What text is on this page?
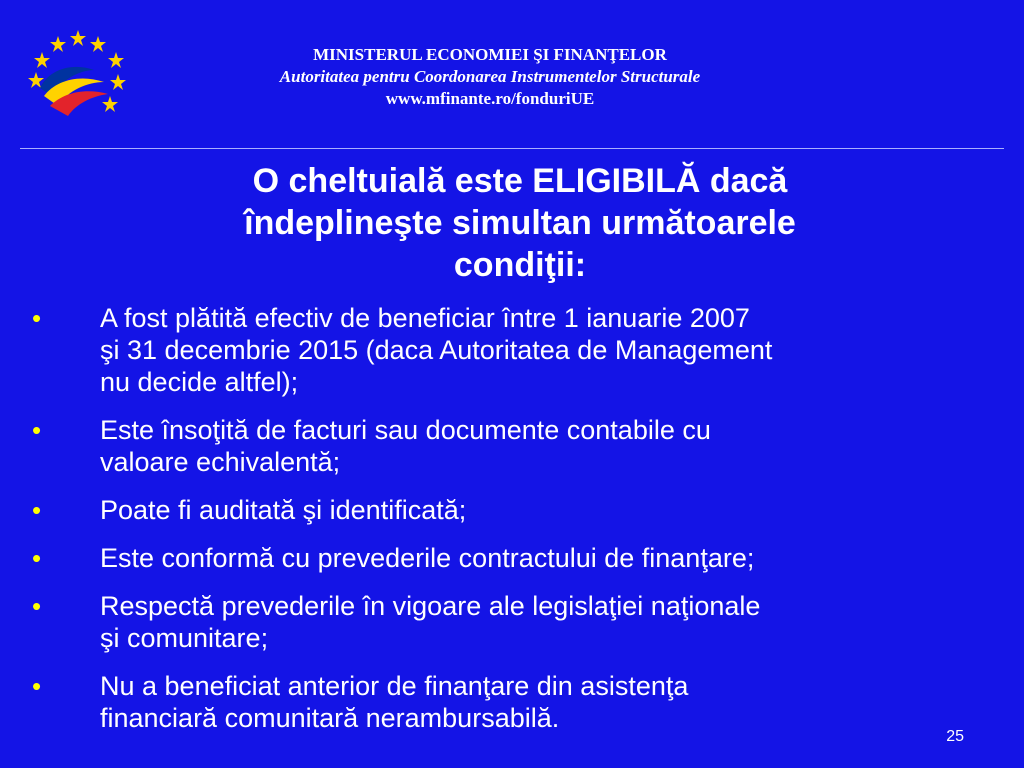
MINISTERUL ECONOMIEI ŞI FINANŢELOR
Autoritatea pentru Coordonarea Instrumentelor Structurale
www.mfinante.ro/fonduriUE
O cheltuială este ELIGIBILĂ dacă
îndeplineşte simultan următoarele
condiţii:
• A fost plătită efectiv de beneficiar între 1 ianuarie 2007
şi 31 decembrie 2015 (daca Autoritatea de Management
nu decide altfel);
• Este însoţită de facturi sau documente contabile cu
valoare echivalentă;
• Poate fi auditată şi identificată;
• Este conformă cu prevederile contractului de finanţare;
• Respectă prevederile în vigoare ale legislaţiei naţionale
şi comunitare;
• Nu a beneficiat anterior de finanţare din asistenţa
financiară comunitară nerambursabilă.
25
